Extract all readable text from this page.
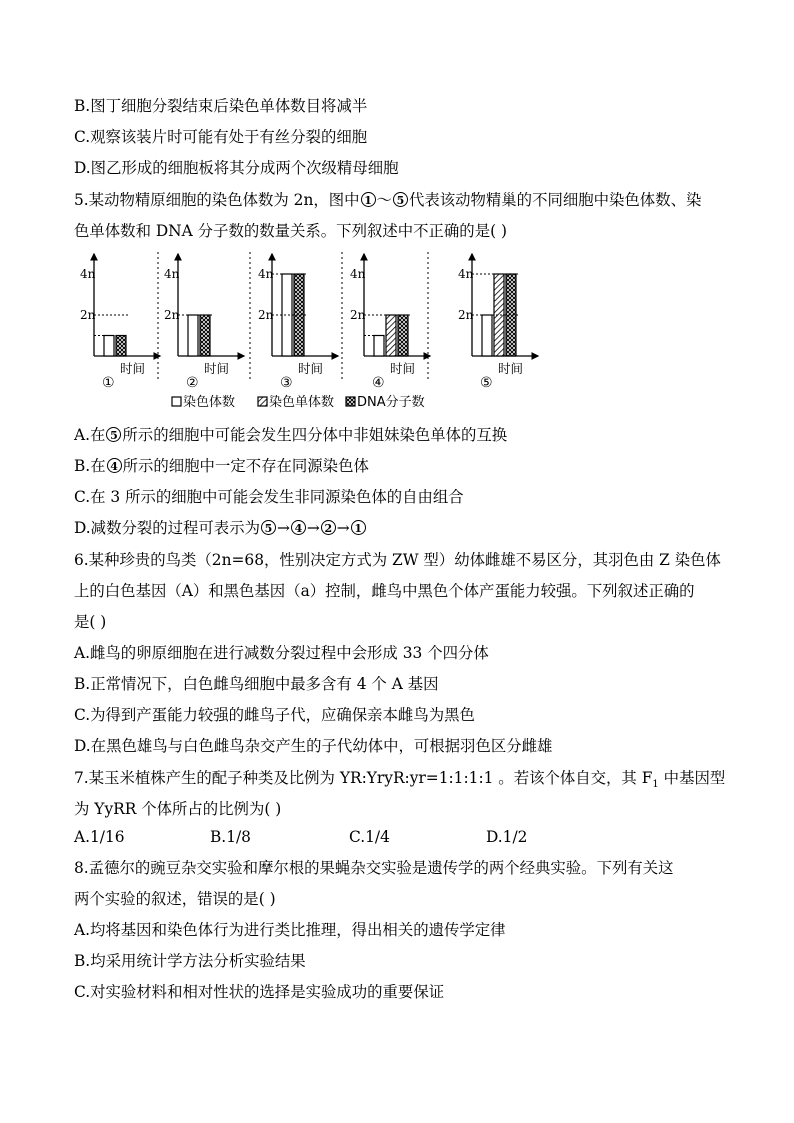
B.图丁细胞分裂结束后染色单体数目将减半
C.观察该装片时可能有处于有丝分裂的细胞
D.图乙形成的细胞板将其分成两个次级精母细胞
5.某动物精原细胞的染色体数为 2n，图中 1 ～ 5 代表该动物精巢的不同细胞中染色体数、染
色单体数和 DNA 分子数的数量关系。下列叙述中不正确的是( )
4n
2n
时间
①
4n
2n
时间
②
4n
2n
时间
③
4n
2n
时间
④
4n
2n
时间
⑤
染色体数	染色单体数 DNA分子数
A.在 5 所示的细胞中可能会发生四分体中非姐妹染色单体的互换
B.在 4 所示的细胞中一定不存在同源染色体
C.在 3 所示的细胞中可能会发生非同源染色体的自由组合
D.减数分裂的过程可表示为 5 → 4 → 2 → 1
6.某种珍贵的鸟类（2n=68，性别决定方式为 ZW 型）幼体雌雄不易区分，其羽色由 Z 染色体
上的白色基因（A）和黑色基因（a）控制，雌鸟中黑色个体产蛋能力较强。下列叙述正确的
是( )
A.雌鸟的卵原细胞在进行减数分裂过程中会形成 33 个四分体
B.正常情况下，白色雌鸟细胞中最多含有 4 个 A 基因
C.为得到产蛋能力较强的雌鸟子代，应确保亲本雌鸟为黑色
D.在黑色雄鸟与白色雌鸟杂交产生的子代幼体中，可根据羽色区分雌雄
7.某玉米植株产生的配子种类及比例为 YR:YryR:yr=1:1:1:1 。若该个体自交，其 $F_1$ 中基因型
为 YyRR 个体所占的比例为( )
A.1/16	B.1/8	C.1/4	D.1/2
8.孟德尔的豌豆杂交实验和摩尔根的果蝇杂交实验是遗传学的两个经典实验。下列有关这
两个实验的叙述，错误的是( )
A.均将基因和染色体行为进行类比推理，得出相关的遗传学定律
B.均采用统计学方法分析实验结果
C.对实验材料和相对性状的选择是实验成功的重要保证
